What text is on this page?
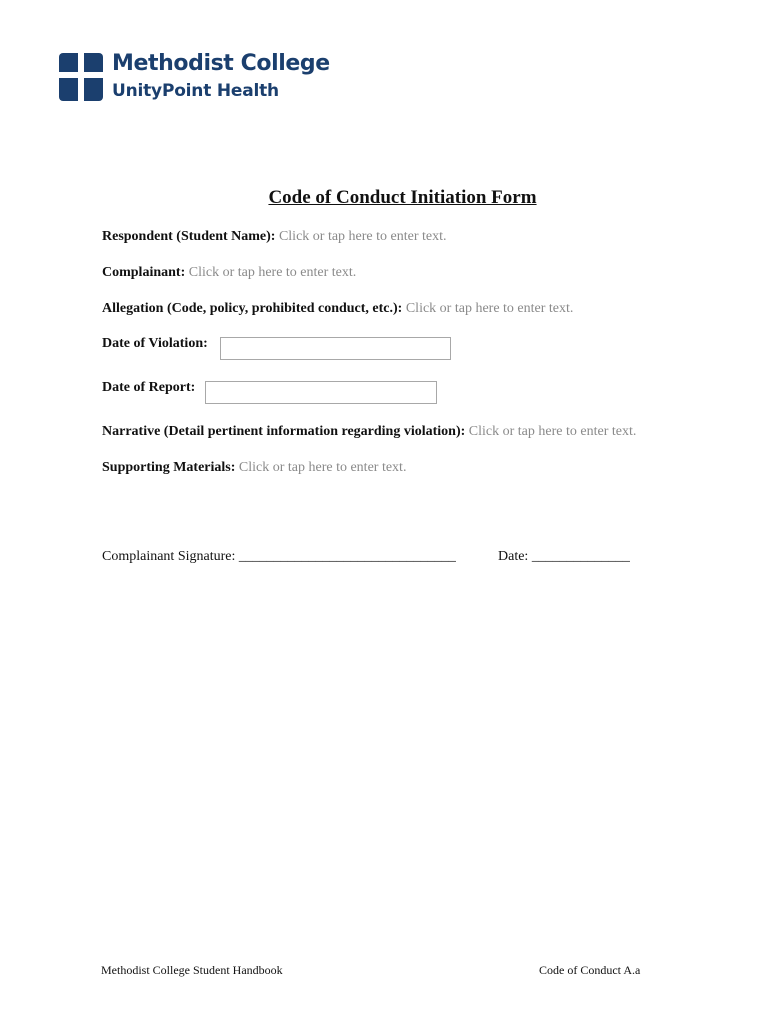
Methodist College
UnityPoint Health
Code of Conduct Initiation Form
Respondent (Student Name): Click or tap here to enter text.
Complainant: Click or tap here to enter text.
Allegation (Code, policy, prohibited conduct, etc.): Click or tap here to enter text.
Date of Violation:
Date of Report:
Narrative (Detail pertinent information regarding violation): Click or tap here to enter text.
Supporting Materials: Click or tap here to enter text.
Complainant Signature: _______________________________	Date: ______________
Methodist College Student Handbook	Code of Conduct A.a
